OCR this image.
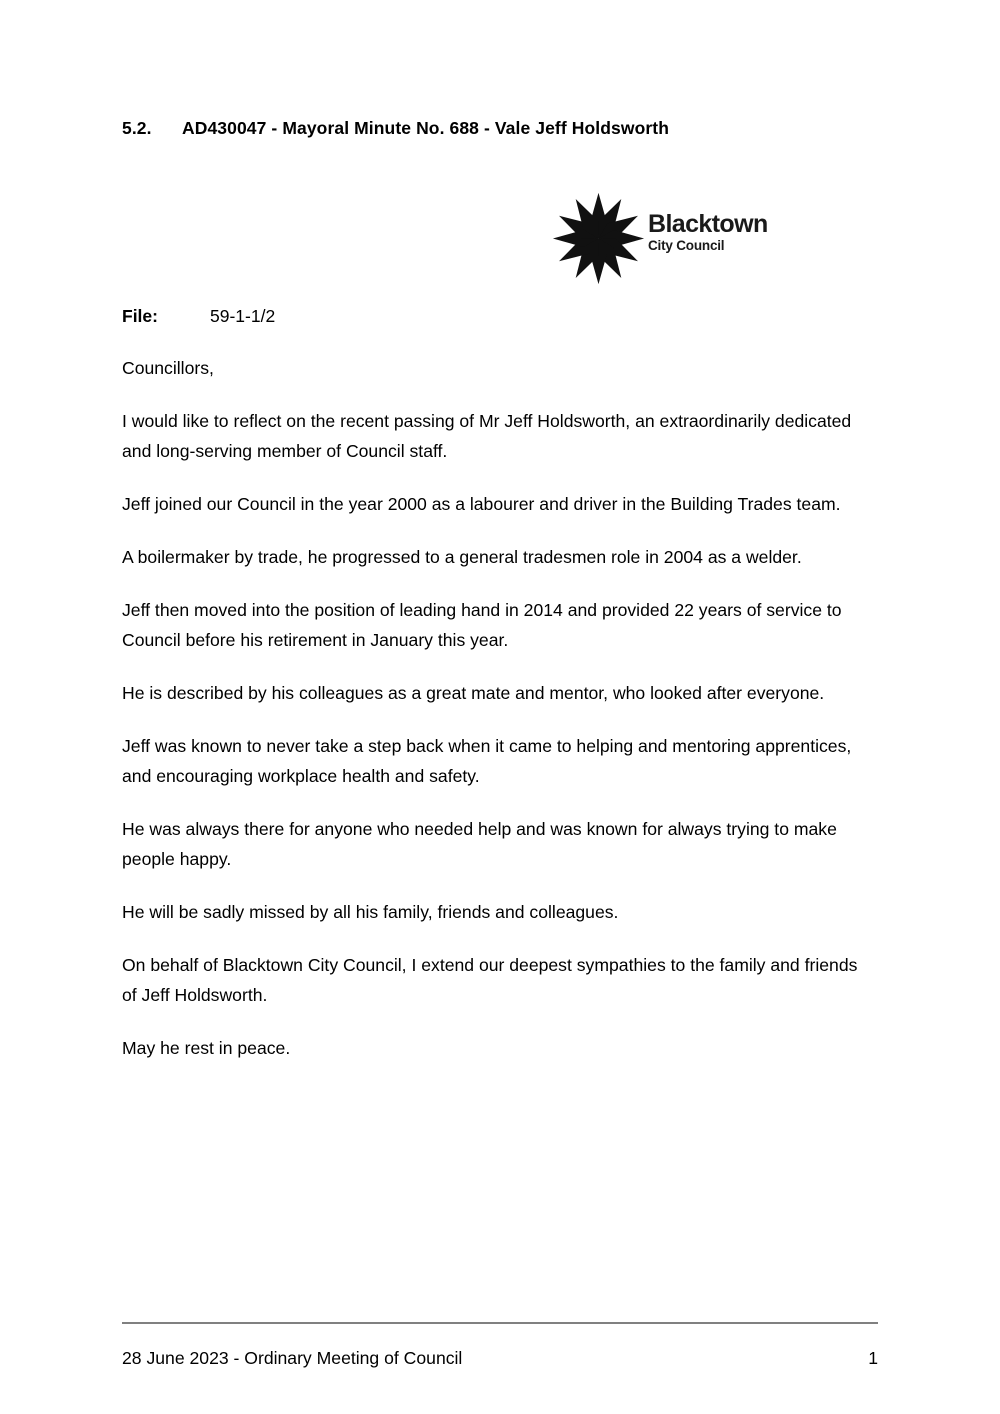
5.2. AD430047 - Mayoral Minute No. 688 - Vale Jeff Holdsworth
Blacktown
City Council
File:	59-1-1/2

Councillors,

I would like to reflect on the recent passing of Mr Jeff Holdsworth, an extraordinarily dedicated and long-serving member of Council staff.

Jeff joined our Council in the year 2000 as a labourer and driver in the Building Trades team.

A boilermaker by trade, he progressed to a general tradesmen role in 2004 as a welder.

Jeff then moved into the position of leading hand in 2014 and provided 22 years of service to Council before his retirement in January this year.

He is described by his colleagues as a great mate and mentor, who looked after everyone.

Jeff was known to never take a step back when it came to helping and mentoring apprentices, and encouraging workplace health and safety.

He was always there for anyone who needed help and was known for always trying to make people happy.

He will be sadly missed by all his family, friends and colleagues.

On behalf of Blacktown City Council, I extend our deepest sympathies to the family and friends of Jeff Holdsworth.

May he rest in peace.

28 June 2023 - Ordinary Meeting of Council	1
